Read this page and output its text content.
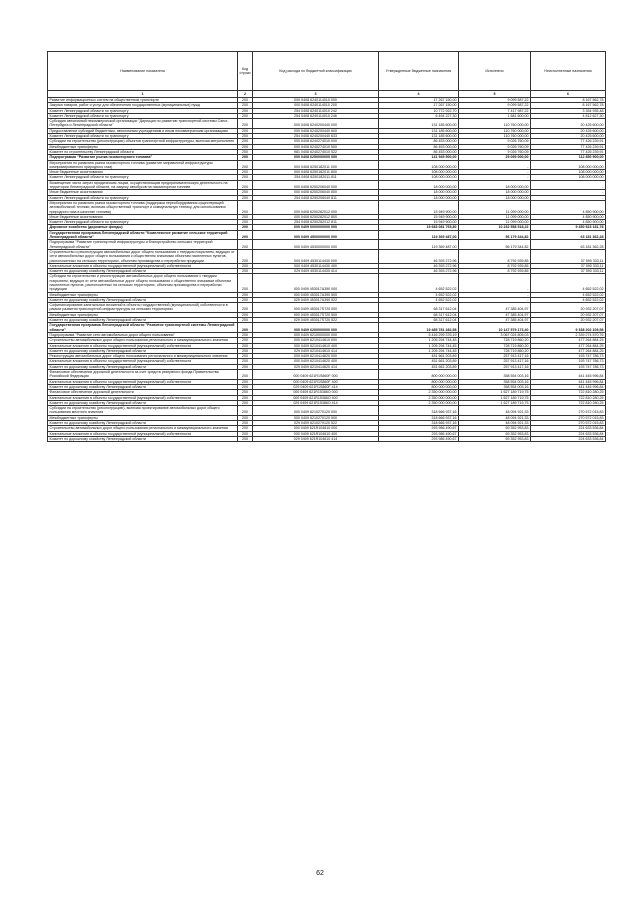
Наименование показателя	Код строки	Код расхода по бюджетной классификации	Утвержденные бюджетные назначения	Исполнено	Неисполненные назначения
1	2	3	4	5	6
Развитие информационных систем на общественном транспорте	200	000 0408 6240114010 000	17 267 150,00	9 099 587,22	8 167 562,78
Закупка товаров, работ и услуг для обеспечения государственных (муниципальных) нужд	200	000 0408 6240114010 200	17 267 150,00	9 099 587,22	8 167 562,78
Комитет Ленинградской области по транспорту	200	254 0408 6240114010 242	10 772 922,70	7 417 987,22	3 354 935,48
Комитет Ленинградской области по транспорту	200	254 0408 6240114010 246	6 494 227,30	1 681 600,00	4 812 627,30
Субсидия автономной некоммерческой организации "Дирекция по развитию транспортной системы Санкт-Петербурга и Ленинградской области"	200	000 0408 6240200440 000	131 185 600,00	110 760 000,00	20 425 600,00
Предоставление субсидий бюджетным, автономным учреждениям и иным некоммерческим организациям	200	000 0408 6240200440 600	131 185 600,00	110 760 000,00	20 425 600,00
Комитет Ленинградской области по транспорту	200	254 0408 6240200440 633	131 185 600,00	110 760 000,00	20 425 600,00
Субсидии на строительство (реконструкцию) объектов транспортной инфраструктуры, включая метрополитен	200	000 0408 6240274010 000	86 453 000,00	9 026 760,09	77 426 239,91
Межбюджетные трансферты	200	000 0408 6240274010 500	86 453 000,00	9 026 760,09	77 426 239,91
Комитет по строительству Ленинградской области	200	981 0408 6240274010 522	86 453 000,00	9 026 760,09	77 426 239,91
Подпрограмма "Развитие рынка газомоторного топлива"	200	000 0408 6250000000 000	141 949 900,00	29 099 000,00	112 850 900,00
Мероприятия по развитию рынка газомоторного топлива (развитие заправочной инфраструктуры компримированного природного газа)	200	000 0408 6250182011 000	108 000 000,00	-	108 000 000,00
Иные бюджетные ассигнования	200	000 0408 6250182011 800	108 000 000,00	-	108 000 000,00
Комитет Ленинградской области по транспорту	200	254 0408 6250182011 811	108 000 000,00	-	108 000 000,00
Возмещение части затрат юридическим лицам, осуществляющим предпринимательскую деятельность на территории Ленинградской области, на закупку автобусов на газомоторном топливе	200	000 0408 6250206040 000	18 000 000,00	18 000 000,00	-
Иные бюджетные ассигнования	200	000 0408 6250206040 800	18 000 000,00	18 000 000,00	-
Комитет Ленинградской области по транспорту	200	254 0408 6250206040 811	18 000 000,00	18 000 000,00	-
Мероприятия по развитию рынка газомоторного топлива (поддержка переоборудования существующей автомобильной техники, включая общественный транспорт и коммунальную технику, для использования природного газа в качестве топлива)	200	000 0408 6250282012 000	15 949 900,00	11 099 000,00	4 850 900,00
Иные бюджетные ассигнования	200	000 0408 6250282012 800	15 949 900,00	11 099 000,00	4 850 900,00
Комитет Ленинградской области по транспорту	200	254 0408 6250282012 811	15 949 900,00	11 099 000,00	4 850 900,00
Дорожное хозяйство (дорожные фонды)	200	000 0409 0000000000 000	19 683 081 765,80	10 232 558 518,22	9 450 523 181,78
Государственная программа Ленинградской области "Комплексное развитие сельских территорий Ленинградской области"	200	000 0409 4500000000 000	119 369 487,00	56 179 344,82	63 181 362,28
Подпрограмма "Развитие транспортной инфраструктуры и благоустройство сельских территорий Ленинградской области"	200	000 0409 4530000000 000	119 369 487,00	56 179 344,82	63 181 362,28
Строительство и реконструкция автомобильных дорог общего пользования с твердым покрытием, ведущих от сети автомобильных дорог общего пользования к общественно значимым объектам населенных пунктов, расположенных на сельских территориях, объектам производства и переработки продукции	200	000 0409 4530114430 000	46 393 272,96	8 792 939,85	37 590 333,11
Капитальные вложения в объекты государственной (муниципальной) собственности	200	000 0409 4530114430 400	46 393 272,96	8 792 939,85	37 590 333,11
Комитет по дорожному хозяйству Ленинградской области	200	029 0409 4530114430 414	46 393 272,96	8 792 939,85	37 590 333,11
Субсидии на строительство и реконструкцию автомобильных дорог общего пользования с твердым покрытием, ведущих от сети автомобильных дорог общего пользования к общественно значимым объектам населенных пунктов, расположенных на сельских территориях, объектам производства и переработки продукции	200	000 0409 453017А390 000	4 652 522,02	-	4 652 522,02
Межбюджетные трансферты	200	000 0409 453017А390 500	4 652 522,02	-	4 652 522,02
Комитет по дорожному хозяйству Ленинградской области	200	029 0409 453017А390 522	4 652 522,02	-	4 652 522,02
Софинансирование капитальных вложений в объекты государственной (муниципальной) собственности в рамках развития транспортной инфраструктуры на сельских территориях	200	000 0409 453017S720 000	68 317 612,04	47 385 404,97	20 932 207,07
Межбюджетные трансферты	200	000 0409 453017S720 500	68 317 612,04	47 385 404,97	20 932 207,07
Комитет по дорожному хозяйству Ленинградской области	200	029 0409 453017S720 522	68 317 612,04	47 385 404,97	20 932 207,07
Государственная программа Ленинградской области "Развитие транспортной системы Ленинградской области"	200	000 0409 6200000000 000	19 485 781 282,58	10 147 579 173,40	9 338 202 109,58
Подпрограмма "Развитие сети автомобильных дорог общего пользования"	200	000 0409 6210000000 000	5 416 299 376,19	3 067 024 805,03	2 339 274 570,76
Строительство автомобильных дорог общего пользования регионального и межмуниципального значения	200	000 0409 6210414610 000	1 205 294 744,45	728 719 860,20	477 264 884,25
Капитальные вложения в объекты государственной (муниципальной) собственности	200	000 0409 6210414610 400	1 205 294 744,45	728 719 860,20	477 264 884,25
Комитет по дорожному хозяйству Ленинградской области	200	029 0409 6210414610 414	1 205 294 744,45	728 719 860,20	477 264 884,25
Реконструкция автомобильных дорог общего пользования регионального и межмуниципального значения	200	000 0409 6210414620 000	451 661 203,89	257 913 417,16	193 747 786,73
Капитальные вложения в объекты государственной (муниципальной) собственности	200	000 0409 6210414620 400	451 661 203,89	257 913 417,16	193 747 786,73
Комитет по дорожному хозяйству Ленинградской области	200	029 0409 6210414620 414	451 661 203,89	257 913 417,16	193 747 786,73
Финансовое обеспечение дорожной деятельности за счет средств резервного фонда Правительства Российской Федерации	200	000 0409 621R1S860F 000	800 000 000,00	358 554 003,16	441 445 996,84
Капитальные вложения в объекты государственной (муниципальной) собственности	200	000 0409 621R1S860F 400	800 000 000,00	358 554 003,16	441 445 996,84
Комитет по дорожному хозяйству Ленинградской области	200	029 0409 621R1S860F 414	800 000 000,00	358 554 003,16	441 445 996,84
Финансовое обеспечение дорожной деятельности	200	000 0409 621R15386O 000	2 350 000 000,00	1 627 189 719,75	722 810 280,25
Капитальные вложения в объекты государственной (муниципальной) собственности	200	000 0409 621R15386O 400	2 350 000 000,00	1 627 189 719,75	722 810 280,25
Комитет по дорожному хозяйству Ленинградской области	200	029 0409 621R15386O 414	2 350 000 000,00	1 627 189 719,75	722 810 280,25
Субсидии на строительство (реконструкцию), включая проектирование автомобильных дорог общего пользования местного значения	200	000 0409 6210270120 000	318 666 937,16	48 094 921,33	270 572 015,83
Межбюджетные трансферты	200	000 0409 6210270120 500	318 666 937,16	48 094 921,33	270 572 015,83
Комитет по дорожному хозяйству Ленинградской области	200	029 0409 6210270120 522	318 666 937,16	48 094 921,33	270 572 015,83
Строительство автомобильных дорог общего пользования регионального и межмуниципального значения	200	000 0409 621R104610 000	293 986 490,67	69 352 953,83	224 633 536,84
Капитальные вложения в объекты государственной (муниципальной) собственности	200	000 0409 621R104610 400	293 986 490,67	69 352 953,83	224 633 536,84
Комитет по дорожному хозяйству Ленинградской области	200	029 0409 621R104610 414	293 986 490,67	69 352 953,83	224 633 536,84
62
